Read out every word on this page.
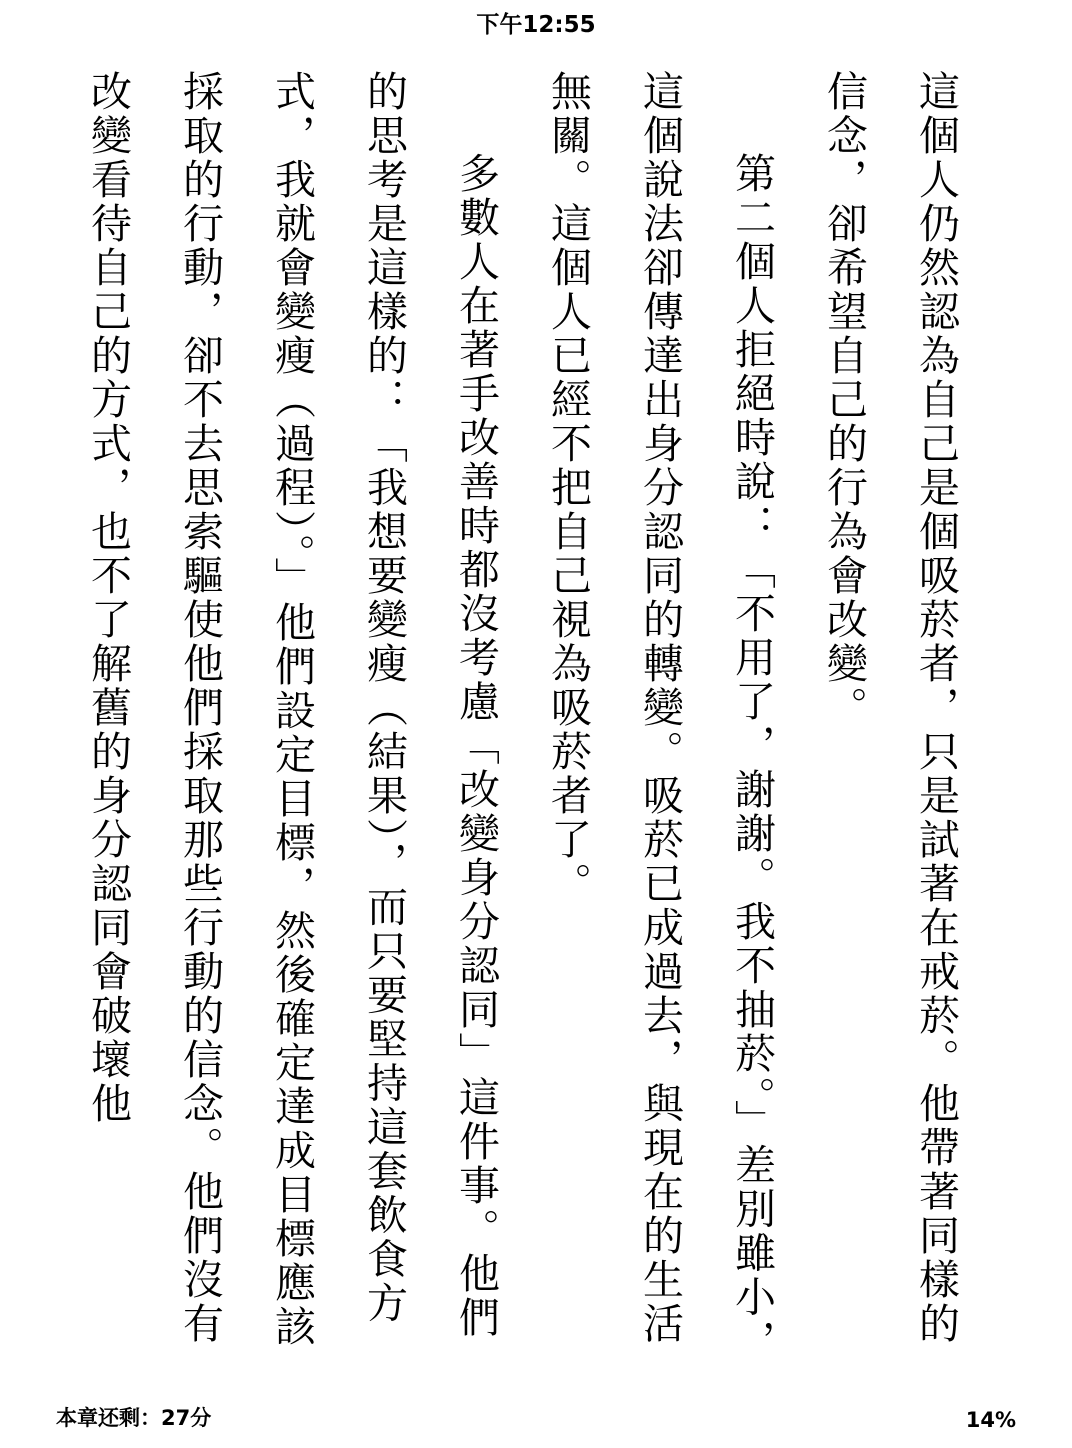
下午12:55

這個人仍然認為自己是個吸菸者，只是試著在戒菸。他帶著同樣的信念，卻希望自己的行為會改變。

第二個人拒絕時說：「不用了，謝謝。我不抽菸。」差別雖小，這個說法卻傳達出身分認同的轉變。吸菸已成過去，與現在的生活無關。這個人已經不把自己視為吸菸者了。

多數人在著手改善時都沒考慮「改變身分認同」這件事。他們的思考是這樣的：「我想要變瘦（結果），而只要堅持這套飲食方式，我就會變瘦（過程）。」他們設定目標，然後確定達成目標應該採取的行動，卻不去思索驅使他們採取那些行動的信念。他們沒有改變看待自己的方式，也不了解舊的身分認同會破壞他

本章还剩：27分	14%
